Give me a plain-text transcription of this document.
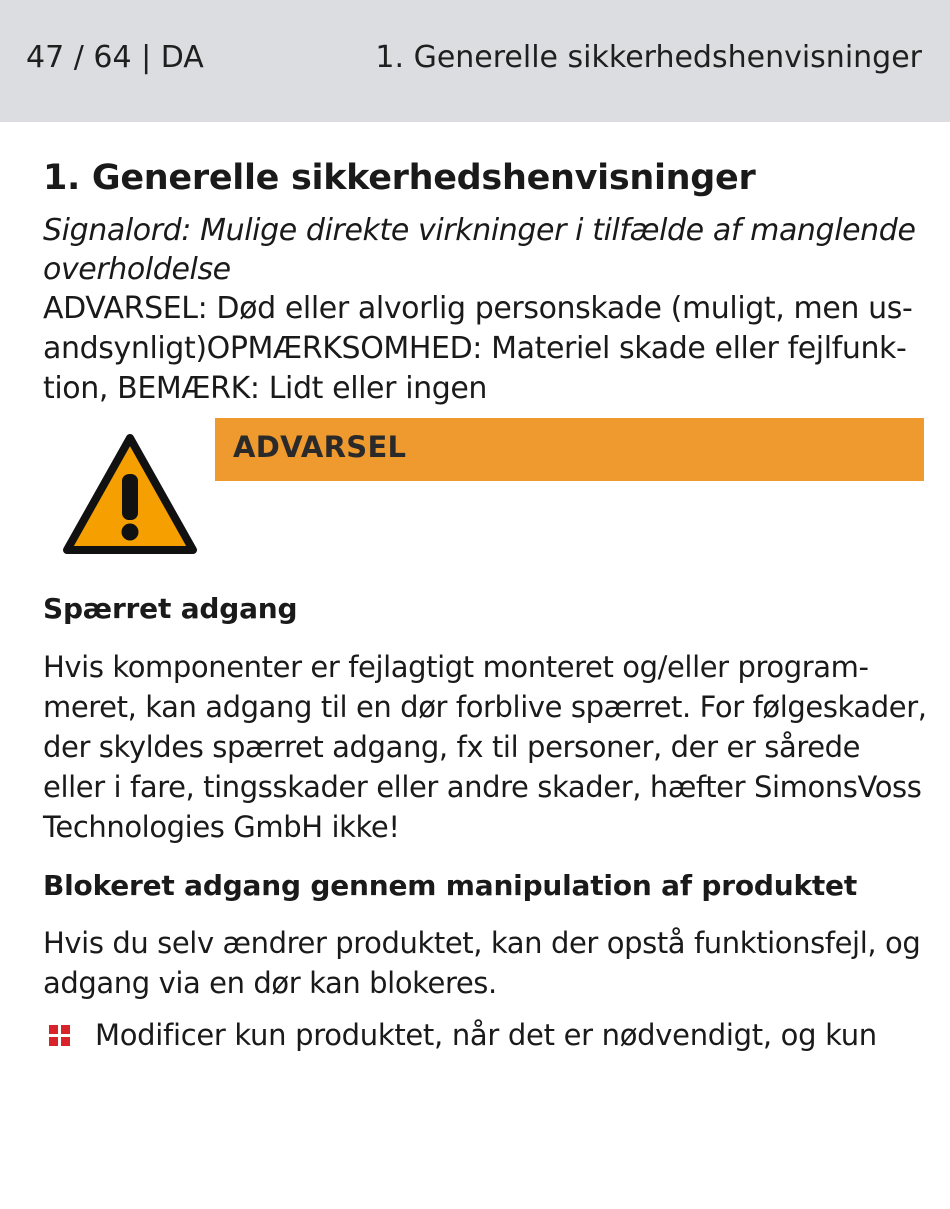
47 / 64 | DA	1. Generelle sikkerhedshenvisninger
1. Generelle sikkerhedshenvisninger
Signalord: Mulige direkte virkninger i tilfælde af manglende overholdelse
ADVARSEL: Død eller alvorlig personskade (muligt, men usandsynligt)OPMÆRKSOMHED: Materiel skade eller fejlfunktion, BEMÆRK: Lidt eller ingen
ADVARSEL
Spærret adgang
Hvis komponenter er fejlagtigt monteret og/eller programmeret, kan adgang til en dør forblive spærret. For følgeskader, der skyldes spærret adgang, fx til personer, der er sårede eller i fare, tingsskader eller andre skader, hæfter SimonsVoss Technologies GmbH ikke!
Blokeret adgang gennem manipulation af produktet
Hvis du selv ændrer produktet, kan der opstå funktionsfejl, og adgang via en dør kan blokeres.
Modificer kun produktet, når det er nødvendigt, og kun
